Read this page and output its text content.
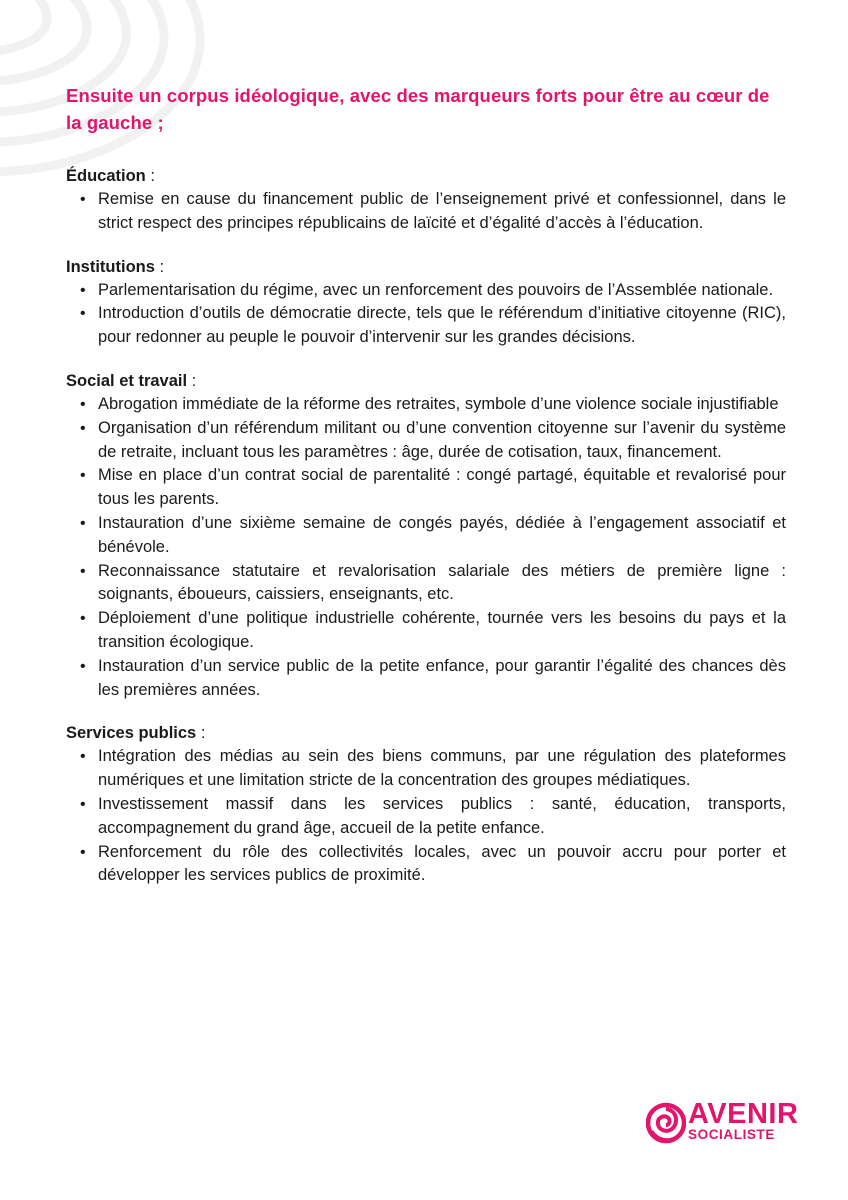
Ensuite un corpus idéologique, avec des marqueurs forts pour être au cœur de la gauche ;

Éducation :

• Remise en cause du financement public de l’enseignement privé et confessionnel, dans le strict respect des principes républicains de laïcité et d’égalité d’accès à l’éducation.

Institutions :

• Parlementarisation du régime, avec un renforcement des pouvoirs de l’Assemblée nationale.
• Introduction d’outils de démocratie directe, tels que le référendum d’initiative citoyenne (RIC), pour redonner au peuple le pouvoir d’intervenir sur les grandes décisions.

Social et travail :

• Abrogation immédiate de la réforme des retraites, symbole d’une violence sociale injustifiable
• Organisation d’un référendum militant ou d’une convention citoyenne sur l’avenir du système de retraite, incluant tous les paramètres : âge, durée de cotisation, taux, financement.
• Mise en place d’un contrat social de parentalité : congé partagé, équitable et revalorisé pour tous les parents.
• Instauration d’une sixième semaine de congés payés, dédiée à l’engagement associatif et bénévole.
• Reconnaissance statutaire et revalorisation salariale des métiers de première ligne : soignants, éboueurs, caissiers, enseignants, etc.
• Déploiement d’une politique industrielle cohérente, tournée vers les besoins du pays et la transition écologique.
• Instauration d’un service public de la petite enfance, pour garantir l’égalité des chances dès les premières années.

Services publics :

• Intégration des médias au sein des biens communs, par une régulation des plateformes numériques et une limitation stricte de la concentration des groupes médiatiques.
• Investissement massif dans les services publics : santé, éducation, transports, accompagnement du grand âge, accueil de la petite enfance.
• Renforcement du rôle des collectivités locales, avec un pouvoir accru pour porter et développer les services publics de proximité.
AVENIR
SOCIALISTE
